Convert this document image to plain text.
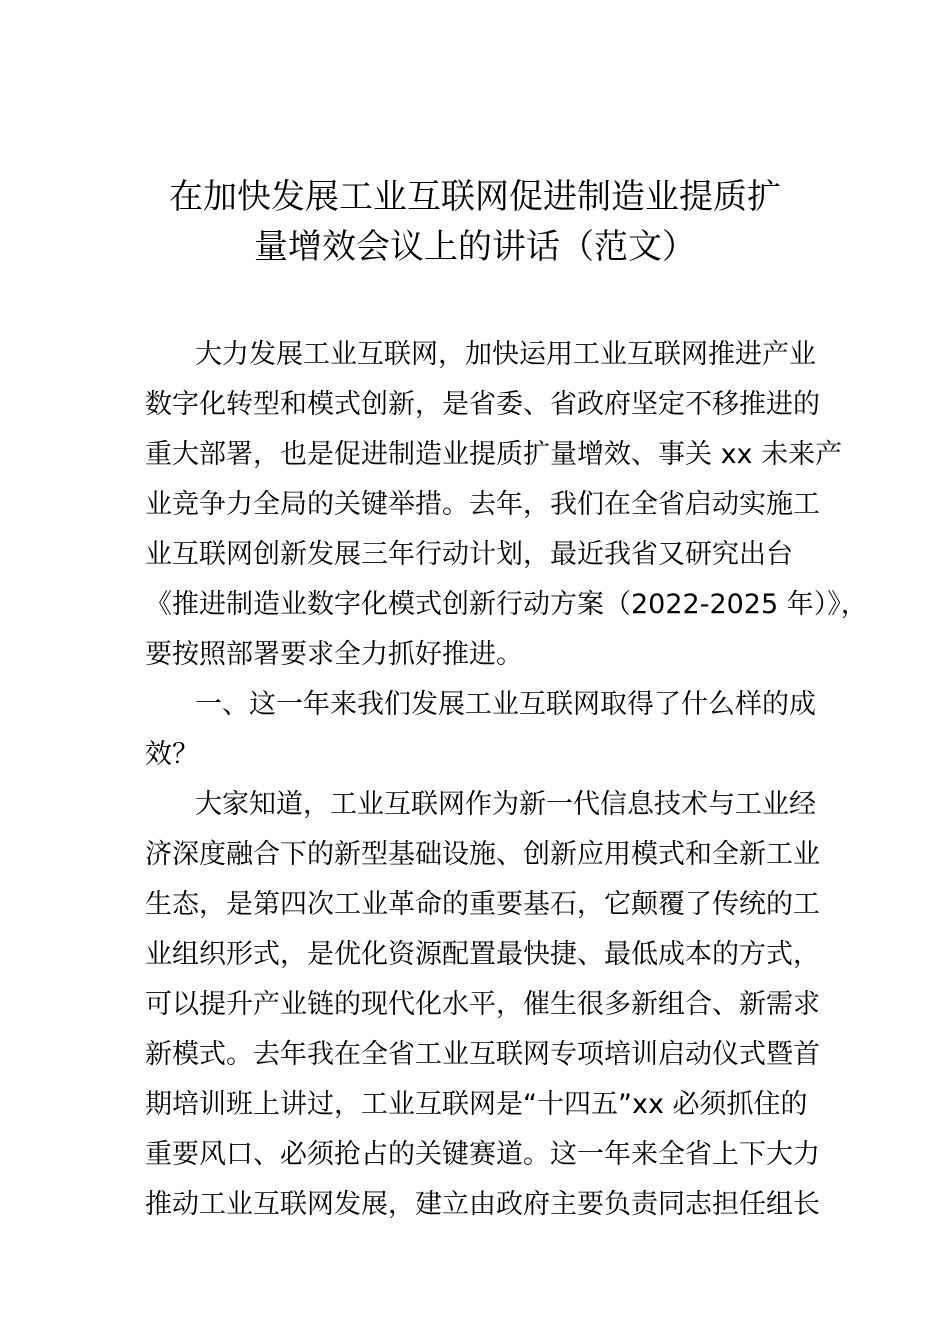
在加快发展工业互联网促进制造业提质扩
量增效会议上的讲话（范文）
大力发展工业互联网，加快运用工业互联网推进产业
数字化转型和模式创新，是省委、省政府坚定不移推进的
重大部署，也是促进制造业提质扩量增效、事关 xx 未来产
业竞争力全局的关键举措。去年，我们在全省启动实施工
业互联网创新发展三年行动计划，最近我省又研究出台
《推进制造业数字化模式创新行动方案（2022-2025 年）》，
要按照部署要求全力抓好推进。
一、这一年来我们发展工业互联网取得了什么样的成
效？
大家知道，工业互联网作为新一代信息技术与工业经
济深度融合下的新型基础设施、创新应用模式和全新工业
生态，是第四次工业革命的重要基石，它颠覆了传统的工
业组织形式，是优化资源配置最快捷、最低成本的方式，
可以提升产业链的现代化水平，催生很多新组合、新需求
新模式。去年我在全省工业互联网专项培训启动仪式暨首
期培训班上讲过，工业互联网是“十四五”xx 必须抓住的
重要风口、必须抢占的关键赛道。这一年来全省上下大力
推动工业互联网发展，建立由政府主要负责同志担任组长
